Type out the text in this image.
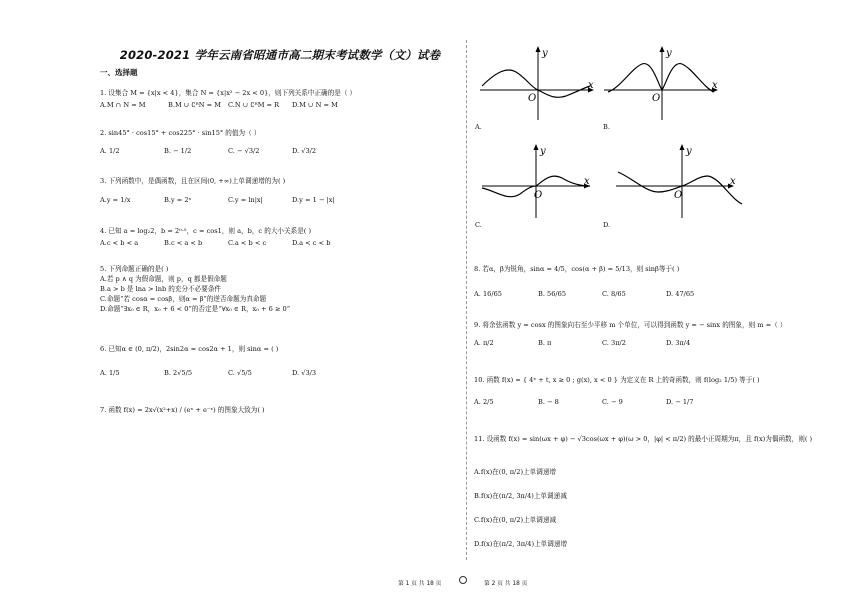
2020-2021 学年云南省昭通市高二期末考试数学（文）试卷
一、选择题
1. 设集合 M = {x|x < 4}，集合 N = {x|x² − 2x < 0}，则下列关系中正确的是（ ）
A.M ∩ N = M	B.M ∪ ∁ᴿN = M C.N ∪ ∁ᴿM = R D.M ∪ N = M
2. sin45° · cos15° + cos225° · sin15° 的值为（ ）
A. 1/2	B. − 1/2	C. − √3/2	D. √3/2
3. 下列函数中，是偶函数，且在区间(0, +∞)上单调递增的为( )
A.y = 1/x	B.y = 2ˣ	C.y = ln|x|	D.y = 1 − |x|
4. 已知 a = log₂2，b = 2⁰·⁵，c = cos1，则 a，b，c 的大小关系是( )
A.c < b < a	B.c < a < b	C.a < b < c	D.a < c < b
5. 下列命题正确的是( )
A.若 p ∧ q 为假命题，则 p，q 都是假命题
B.a > b 是 lna > lnb 的充分不必要条件
C.命题“若 cosα = cosβ，则α = β”的逆否命题为真命题
D.命题“∃x₀ ∈ R，x₀ + 6 < 0”的否定是“∀x₀ ∈ R，x₀ + 6 ≥ 0”
6. 已知α ∈ (0, π/2)，2sin2α = cos2α + 1，则 sinα = ( )
A. 1/5	B. 2√5/5	C. √5/5	D. √3/3
7. 函数 f(x) = 2x√(x²+x) / (eˣ + e⁻ˣ) 的图象大致为( )
y
O
x
A.
y
O
x
B.
y
O
x
C.
y
O
x
D.
8. 若α，β为锐角，sinα = 4/5，cos(α + β) = 5/13，则 sinβ等于( )
A. 16/65	B. 56/65	C. 8/65	D. 47/65
9. 将余弦函数 y = cosx 的图象向右至少平移 m 个单位，可以得到函数 y = − sinx 的图象，则 m =（ ）
A. π/2	B. π	C. 3π/2	D. 3π/4
10. 函数 f(x) = { 4ˣ + t, x ≥ 0 ; g(x), x < 0 } 为定义在 R 上的奇函数，则 f(log₂ 1/5) 等于( )
A. 2/5	B. − 8	C. − 9	D. − 1/7
11. 设函数 f(x) = sin(ωx + φ) − √3cos(ωx + φ)(ω > 0，|φ| < π/2) 的最小正周期为π，且 f(x)为偶函数，则( )
A.f(x)在(0, π/2)上单调递增
B.f(x)在(π/2, 3π/4)上单调递减
C.f(x)在(0, π/2)上单调递减
D.f(x)在(π/2, 3π/4)上单调递增
第 1 页 共 18 页	第 2 页 共 18 页
